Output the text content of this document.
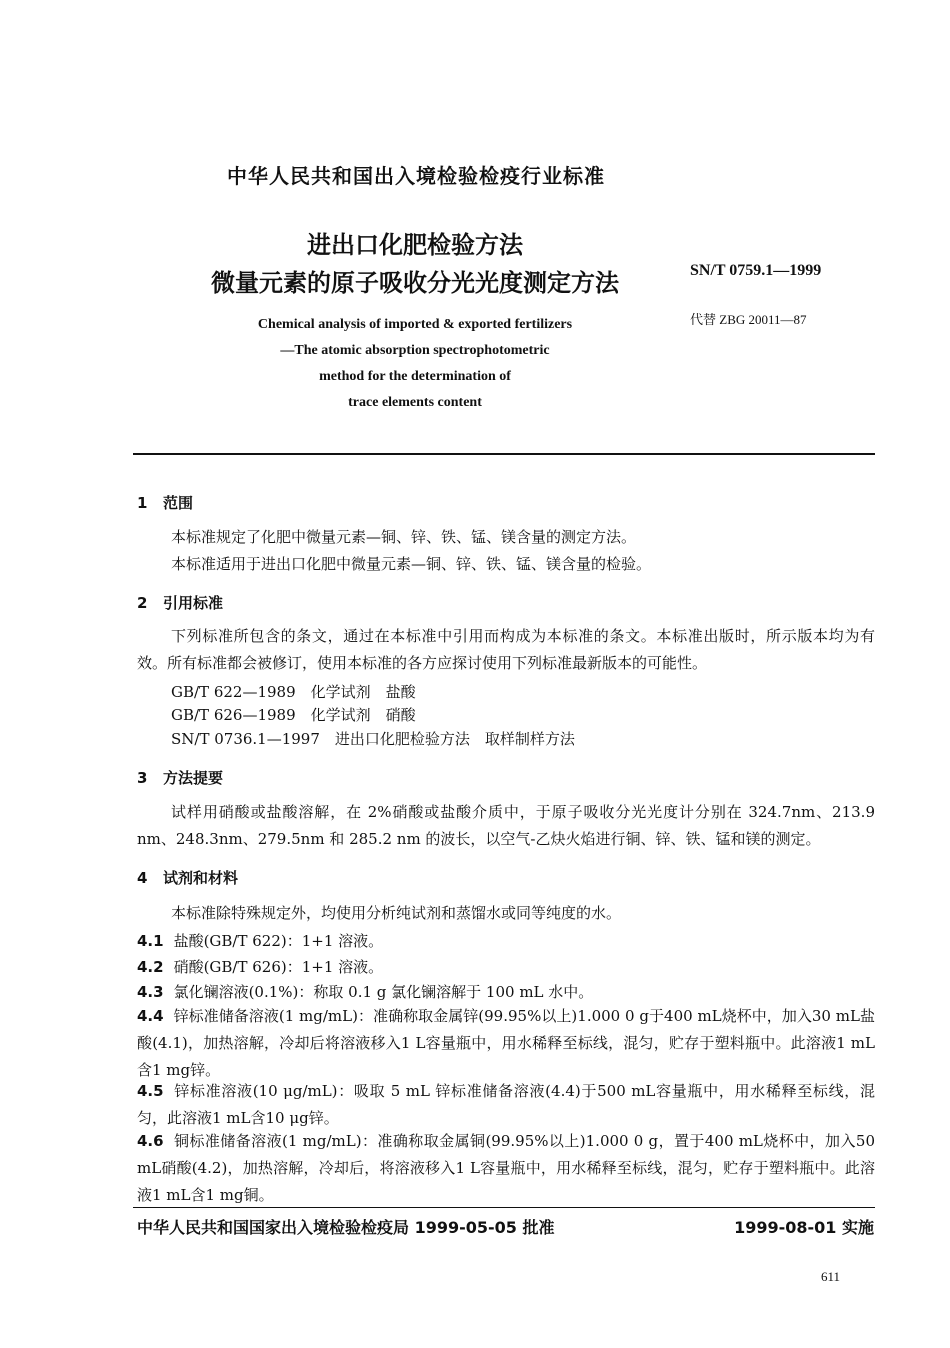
中华人民共和国出入境检验检疫行业标准
进出口化肥检验方法
微量元素的原子吸收分光光度测定方法	SN/T 0759.1—1999
代替 ZBG 20011—87
Chemical analysis of imported & exported fertilizers
—The atomic absorption spectrophotometric
method for the determination of
trace elements content
1 范围
本标准规定了化肥中微量元素—铜、锌、铁、锰、镁含量的测定方法。
本标准适用于进出口化肥中微量元素—铜、锌、铁、锰、镁含量的检验。
2 引用标准
下列标准所包含的条文，通过在本标准中引用而构成为本标准的条文。本标准出版时，所示版本均为有效。所有标准都会被修订，使用本标准的各方应探讨使用下列标准最新版本的可能性。
GB/T 622—1989　化学试剂　盐酸
GB/T 626—1989　化学试剂　硝酸
SN/T 0736.1—1997　进出口化肥检验方法　取样制样方法
3 方法提要
试样用硝酸或盐酸溶解，在 2%硝酸或盐酸介质中，于原子吸收分光光度计分别在 324.7nm、213.9 nm、248.3nm、279.5nm 和 285.2 nm 的波长，以空气-乙炔火焰进行铜、锌、铁、锰和镁的测定。
4 试剂和材料
本标准除特殊规定外，均使用分析纯试剂和蒸馏水或同等纯度的水。
4.1 盐酸(GB/T 622)：1+1 溶液。
4.2 硝酸(GB/T 626)：1+1 溶液。
4.3 氯化镧溶液(0.1%)：称取 0.1 g 氯化镧溶解于 100 mL 水中。
4.4 锌标准储备溶液(1 mg/mL)：准确称取金属锌(99.95%以上)1.000 0 g于400 mL烧杯中，加入30 mL盐酸(4.1)，加热溶解，冷却后将溶液移入1 L容量瓶中，用水稀释至标线，混匀，贮存于塑料瓶中。此溶液1 mL含1 mg锌。
4.5 锌标准溶液(10 μg/mL)：吸取 5 mL 锌标准储备溶液(4.4)于500 mL容量瓶中，用水稀释至标线，混匀，此溶液1 mL含10 μg锌。
4.6 铜标准储备溶液(1 mg/mL)：准确称取金属铜(99.95%以上)1.000 0 g，置于400 mL烧杯中，加入50 mL硝酸(4.2)，加热溶解，冷却后，将溶液移入1 L容量瓶中，用水稀释至标线，混匀，贮存于塑料瓶中。此溶液1 mL含1 mg铜。
中华人民共和国国家出入境检验检疫局 1999-05-05 批准	1999-08-01 实施
611
